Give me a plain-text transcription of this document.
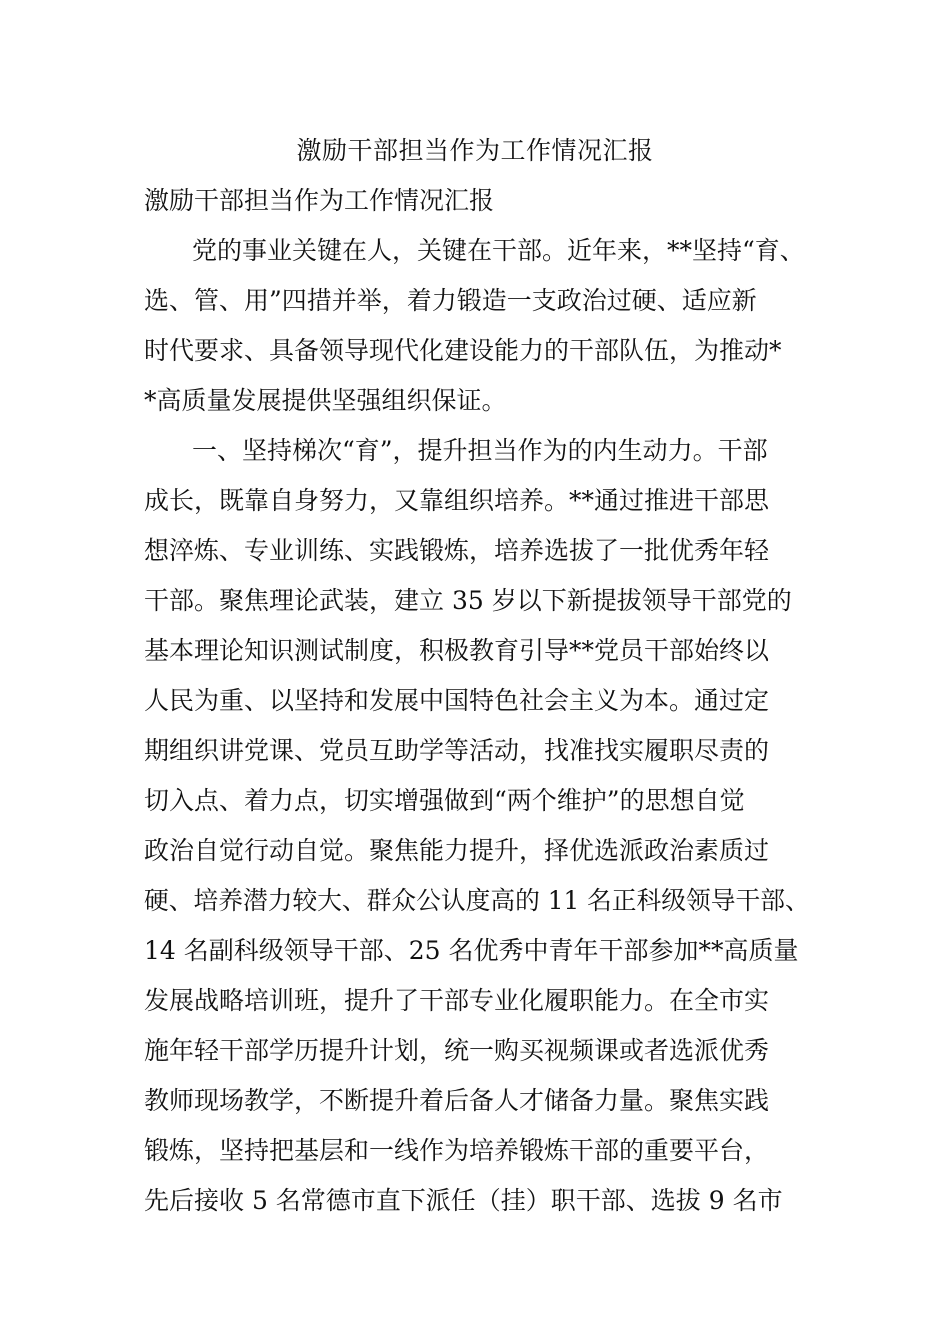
激励干部担当作为工作情况汇报
激励干部担当作为工作情况汇报

党的事业关键在人，关键在干部。近年来，**坚持“育、

选、管、用”四措并举，着力锻造一支政治过硬、适应新

时代要求、具备领导现代化建设能力的干部队伍，为推动*

*高质量发展提供坚强组织保证。

一、坚持梯次“育”，提升担当作为的内生动力。干部

成长，既靠自身努力，又靠组织培养。**通过推进干部思

想淬炼、专业训练、实践锻炼，培养选拔了一批优秀年轻

干部。聚焦理论武装，建立 35 岁以下新提拔领导干部党的

基本理论知识测试制度，积极教育引导**党员干部始终以

人民为重、以坚持和发展中国特色社会主义为本。通过定

期组织讲党课、党员互助学等活动，找准找实履职尽责的

切入点、着力点，切实增强做到“两个维护”的思想自觉

政治自觉行动自觉。聚焦能力提升，择优选派政治素质过

硬、培养潜力较大、群众公认度高的 11 名正科级领导干部、

14 名副科级领导干部、25 名优秀中青年干部参加**高质量

发展战略培训班，提升了干部专业化履职能力。在全市实

施年轻干部学历提升计划，统一购买视频课或者选派优秀

教师现场教学，不断提升着后备人才储备力量。聚焦实践

锻炼，坚持把基层和一线作为培养锻炼干部的重要平台，

先后接收 5 名常德市直下派任（挂）职干部、选拔 9 名市
